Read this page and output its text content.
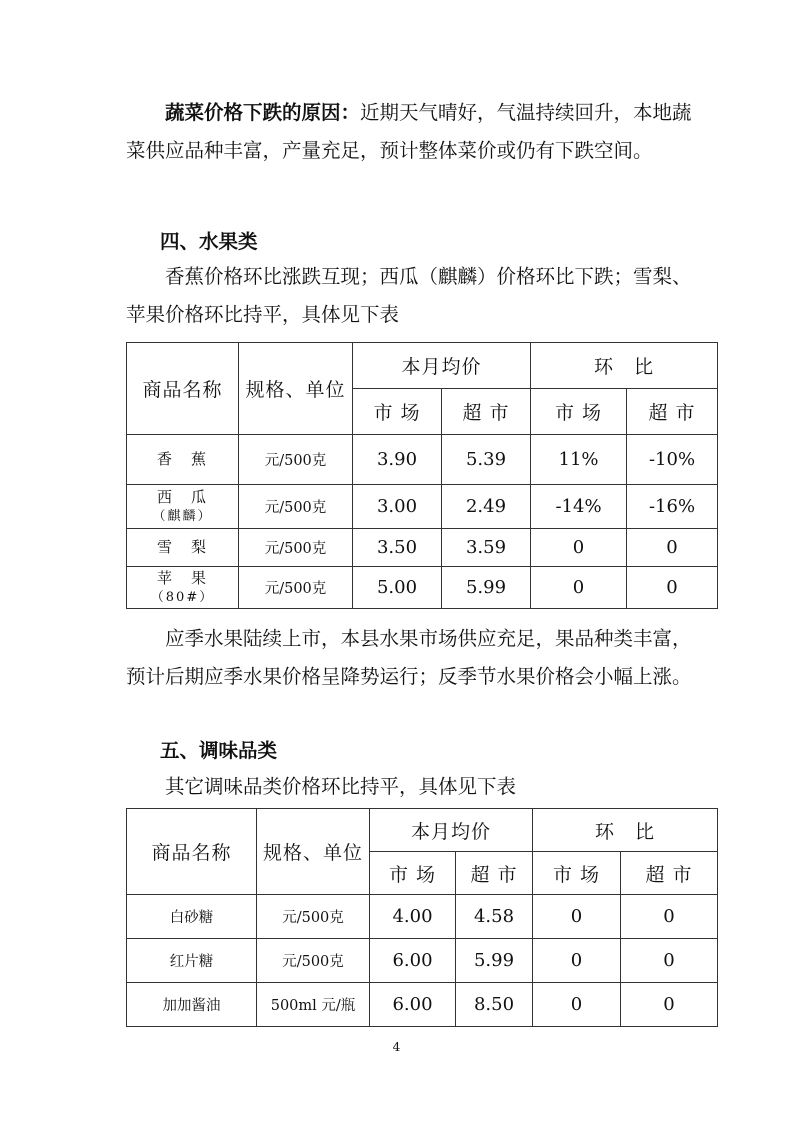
蔬菜价格下跌的原因：近期天气晴好，气温持续回升，本地蔬菜供应品种丰富，产量充足，预计整体菜价或仍有下跌空间。

四、水果类

香蕉价格环比涨跌互现；西瓜（麒麟）价格环比下跌；雪梨、苹果价格环比持平，具体见下表

商品名称	规格、单位	本月均价		环　比	
		市 场	超 市	市 场	超 市
香　蕉	元/500克	3.90	5.39	11%	-10%
西　瓜
（麒麟）	元/500克	3.00	2.49	-14%	-16%
雪　梨	元/500克	3.50	3.59	0	0
苹　果
（80#）	元/500克	5.00	5.99	0	0

应季水果陆续上市，本县水果市场供应充足，果品种类丰富，预计后期应季水果价格呈降势运行；反季节水果价格会小幅上涨。

五、调味品类

其它调味品类价格环比持平，具体见下表

商品名称	规格、单位	本月均价		环　比	
		市 场	超 市	市 场	超 市
白砂糖	元/500克	4.00	4.58	0	0
红片糖	元/500克	6.00	5.99	0	0
加加酱油	500ml 元/瓶	6.00	8.50	0	0
4
